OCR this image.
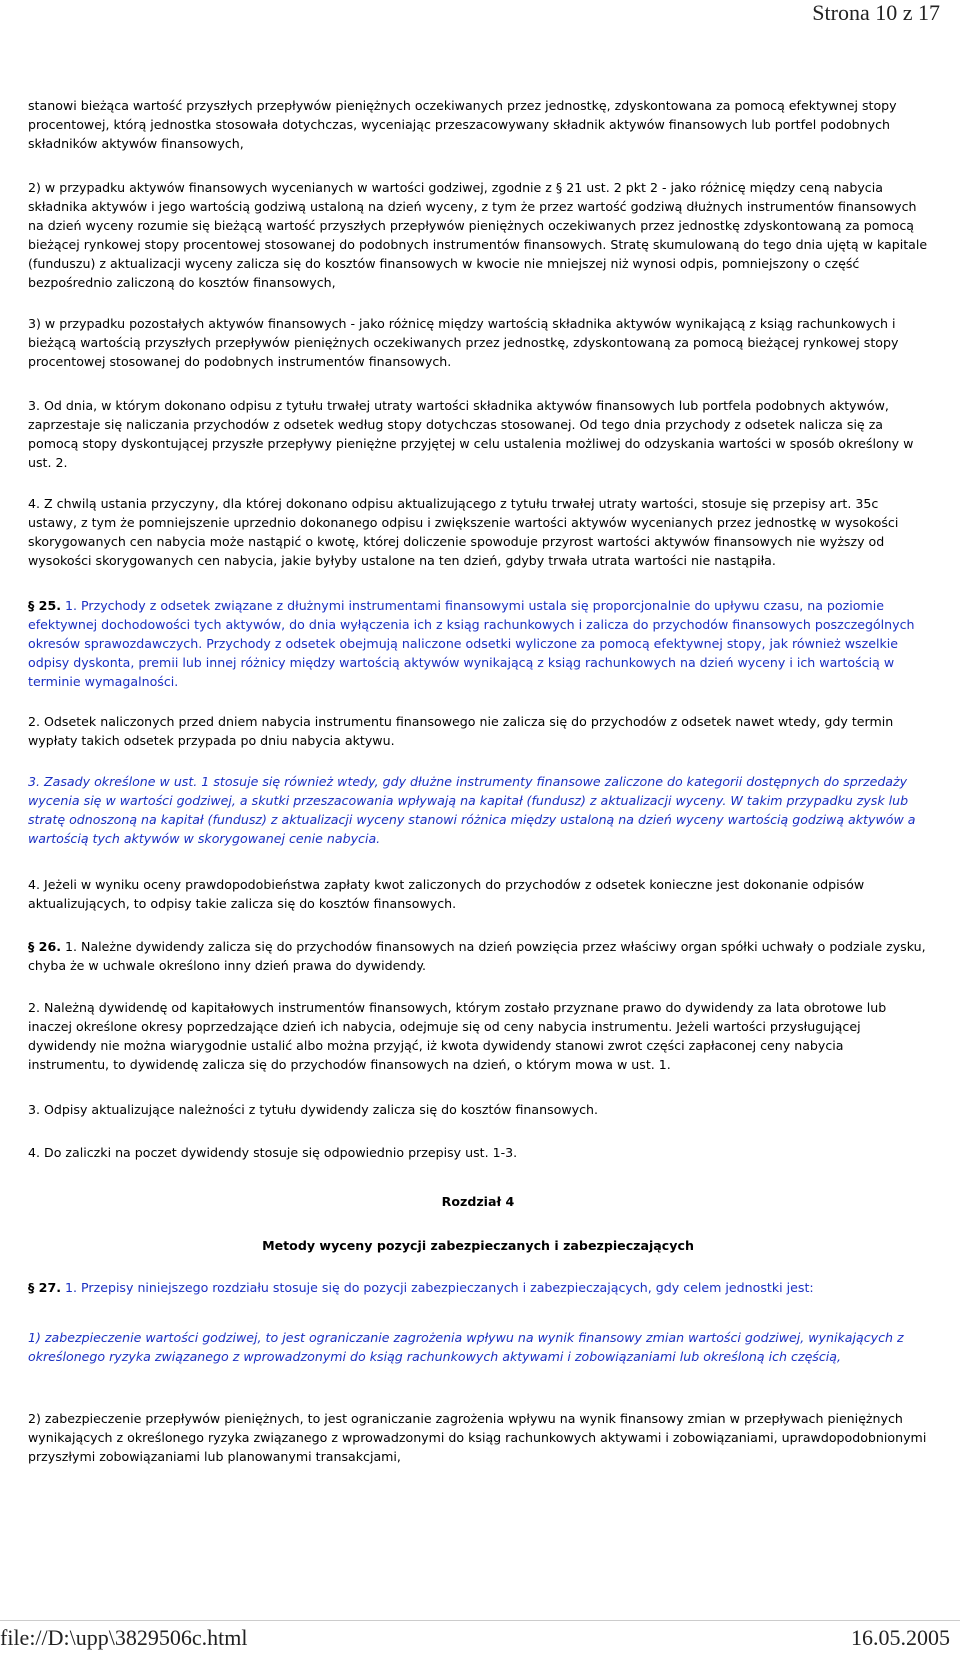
Strona 10 z 17

stanowi bieżąca wartość przyszłych przepływów pieniężnych oczekiwanych przez jednostkę, zdyskontowana za pomocą efektywnej stopy procentowej, którą jednostka stosowała dotychczas, wyceniając przeszacowywany składnik aktywów finansowych lub portfel podobnych składników aktywów finansowych,

2) w przypadku aktywów finansowych wycenianych w wartości godziwej, zgodnie z § 21 ust. 2 pkt 2 - jako różnicę między ceną nabycia składnika aktywów i jego wartością godziwą ustaloną na dzień wyceny, z tym że przez wartość godziwą dłużnych instrumentów finansowych na dzień wyceny rozumie się bieżącą wartość przyszłych przepływów pieniężnych oczekiwanych przez jednostkę zdyskontowaną za pomocą bieżącej rynkowej stopy procentowej stosowanej do podobnych instrumentów finansowych. Stratę skumulowaną do tego dnia ujętą w kapitale (funduszu) z aktualizacji wyceny zalicza się do kosztów finansowych w kwocie nie mniejszej niż wynosi odpis, pomniejszony o część bezpośrednio zaliczoną do kosztów finansowych,

3) w przypadku pozostałych aktywów finansowych - jako różnicę między wartością składnika aktywów wynikającą z ksiąg rachunkowych i bieżącą wartością przyszłych przepływów pieniężnych oczekiwanych przez jednostkę, zdyskontowaną za pomocą bieżącej rynkowej stopy procentowej stosowanej do podobnych instrumentów finansowych.

3. Od dnia, w którym dokonano odpisu z tytułu trwałej utraty wartości składnika aktywów finansowych lub portfela podobnych aktywów, zaprzestaje się naliczania przychodów z odsetek według stopy dotychczas stosowanej. Od tego dnia przychody z odsetek nalicza się za pomocą stopy dyskontującej przyszłe przepływy pieniężne przyjętej w celu ustalenia możliwej do odzyskania wartości w sposób określony w ust. 2.

4. Z chwilą ustania przyczyny, dla której dokonano odpisu aktualizującego z tytułu trwałej utraty wartości, stosuje się przepisy art. 35c ustawy, z tym że pomniejszenie uprzednio dokonanego odpisu i zwiększenie wartości aktywów wycenianych przez jednostkę w wysokości skorygowanych cen nabycia może nastąpić o kwotę, której doliczenie spowoduje przyrost wartości aktywów finansowych nie wyższy od wysokości skorygowanych cen nabycia, jakie byłyby ustalone na ten dzień, gdyby trwała utrata wartości nie nastąpiła.

§ 25. 1. Przychody z odsetek związane z dłużnymi instrumentami finansowymi ustala się proporcjonalnie do upływu czasu, na poziomie efektywnej dochodowości tych aktywów, do dnia wyłączenia ich z ksiąg rachunkowych i zalicza do przychodów finansowych poszczególnych okresów sprawozdawczych. Przychody z odsetek obejmują naliczone odsetki wyliczone za pomocą efektywnej stopy, jak również wszelkie odpisy dyskonta, premii lub innej różnicy między wartością aktywów wynikającą z ksiąg rachunkowych na dzień wyceny i ich wartością w terminie wymagalności.

2. Odsetek naliczonych przed dniem nabycia instrumentu finansowego nie zalicza się do przychodów z odsetek nawet wtedy, gdy termin wypłaty takich odsetek przypada po dniu nabycia aktywu.

3. Zasady określone w ust. 1 stosuje się również wtedy, gdy dłużne instrumenty finansowe zaliczone do kategorii dostępnych do sprzedaży wycenia się w wartości godziwej, a skutki przeszacowania wpływają na kapitał (fundusz) z aktualizacji wyceny. W takim przypadku zysk lub stratę odnoszoną na kapitał (fundusz) z aktualizacji wyceny stanowi różnica między ustaloną na dzień wyceny wartością godziwą aktywów a wartością tych aktywów w skorygowanej cenie nabycia.

4. Jeżeli w wyniku oceny prawdopodobieństwa zapłaty kwot zaliczonych do przychodów z odsetek konieczne jest dokonanie odpisów aktualizujących, to odpisy takie zalicza się do kosztów finansowych.

§ 26. 1. Należne dywidendy zalicza się do przychodów finansowych na dzień powzięcia przez właściwy organ spółki uchwały o podziale zysku, chyba że w uchwale określono inny dzień prawa do dywidendy.

2. Należną dywidendę od kapitałowych instrumentów finansowych, którym zostało przyznane prawo do dywidendy za lata obrotowe lub inaczej określone okresy poprzedzające dzień ich nabycia, odejmuje się od ceny nabycia instrumentu. Jeżeli wartości przysługującej dywidendy nie można wiarygodnie ustalić albo można przyjąć, iż kwota dywidendy stanowi zwrot części zapłaconej ceny nabycia instrumentu, to dywidendę zalicza się do przychodów finansowych na dzień, o którym mowa w ust. 1.

3. Odpisy aktualizujące należności z tytułu dywidendy zalicza się do kosztów finansowych.

4. Do zaliczki na poczet dywidendy stosuje się odpowiednio przepisy ust. 1-3.

Rozdział 4

Metody wyceny pozycji zabezpieczanych i zabezpieczających

§ 27. 1. Przepisy niniejszego rozdziału stosuje się do pozycji zabezpieczanych i zabezpieczających, gdy celem jednostki jest:

1) zabezpieczenie wartości godziwej, to jest ograniczanie zagrożenia wpływu na wynik finansowy zmian wartości godziwej, wynikających z określonego ryzyka związanego z wprowadzonymi do ksiąg rachunkowych aktywami i zobowiązaniami lub określoną ich częścią,

2) zabezpieczenie przepływów pieniężnych, to jest ograniczanie zagrożenia wpływu na wynik finansowy zmian w przepływach pieniężnych wynikających z określonego ryzyka związanego z wprowadzonymi do ksiąg rachunkowych aktywami i zobowiązaniami, uprawdopodobnionymi przyszłymi zobowiązaniami lub planowanymi transakcjami,

file://D:\upp\3829506c.html	16.05.2005
